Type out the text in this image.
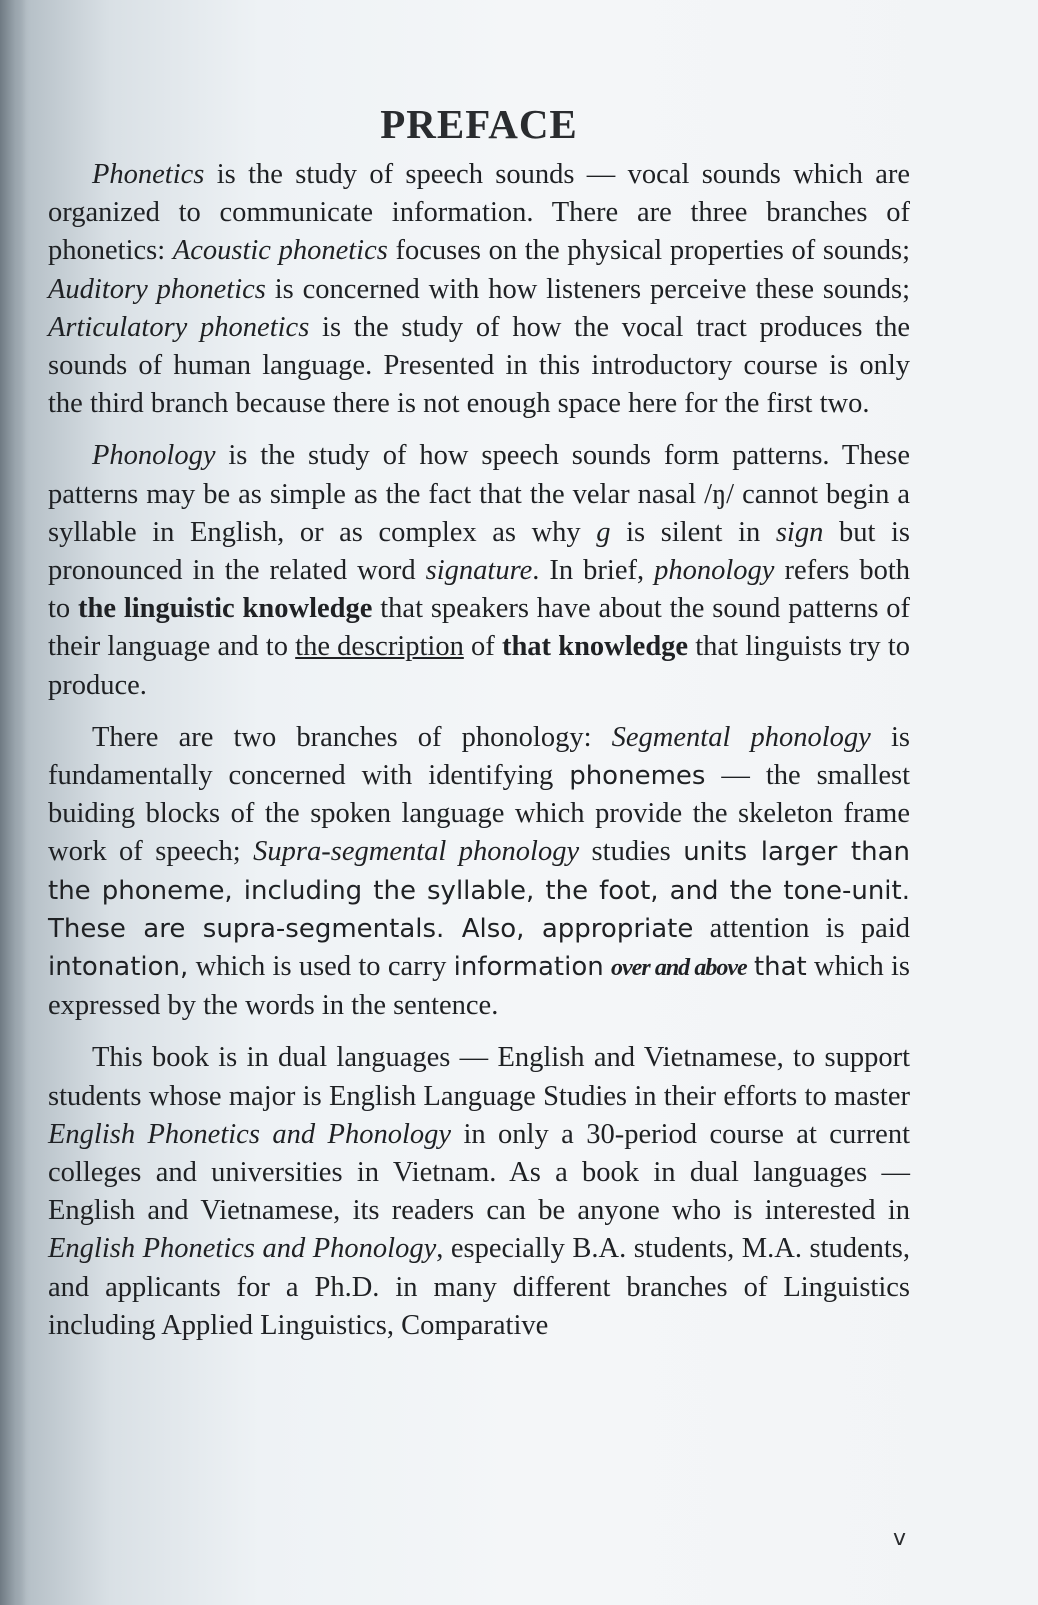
PREFACE

Phonetics is the study of speech sounds — vocal sounds which are organized to communicate information. There are three branches of phonetics: Acoustic phonetics focuses on the physical properties of sounds; Auditory phonetics is concerned with how listeners perceive these sounds; Articulatory phonetics is the study of how the vocal tract produces the sounds of human language. Presented in this introductory course is only the third branch because there is not enough space here for the first two.

Phonology is the study of how speech sounds form patterns. These patterns may be as simple as the fact that the velar nasal /ŋ/ cannot begin a syllable in English, or as complex as why g is silent in sign but is pronounced in the related word signature. In brief, phonology refers both to the linguistic knowledge that speakers have about the sound patterns of their language and to the description of that knowledge that linguists try to produce.

There are two branches of phonology: Segmental phonology is fundamentally concerned with identifying phonemes — the smallest buiding blocks of the spoken language which provide the skeleton frame work of speech; Supra-segmental phonology studies units larger than the phoneme, including the syllable, the foot, and the tone-unit. These are supra-segmentals. Also, appropriate attention is paid intonation, which is used to carry information over and above that which is expressed by the words in the sentence.

This book is in dual languages — English and Vietnamese, to support students whose major is English Language Studies in their efforts to master English Phonetics and Phonology in only a 30-period course at current colleges and universities in Vietnam. As a book in dual languages — English and Vietnamese, its readers can be anyone who is interested in English Phonetics and Phonology, especially B.A. students, M.A. students, and applicants for a Ph.D. in many different branches of Linguistics including Applied Linguistics, Comparative

v
